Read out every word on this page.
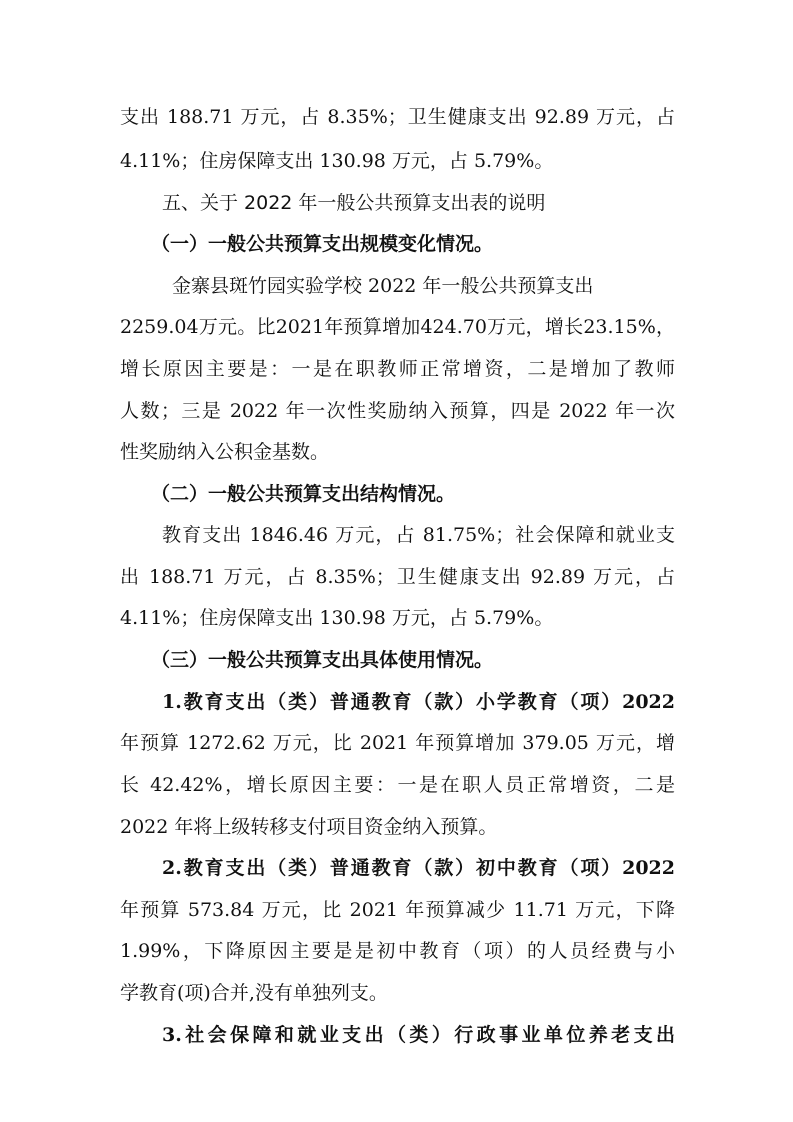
支出 188.71 万元，占 8.35%；卫生健康支出 92.89 万元，占
4.11%；住房保障支出 130.98 万元，占 5.79%。
五、关于 2022 年一般公共预算支出表的说明
（一）一般公共预算支出规模变化情况。
金寨县斑竹园实验学校 2022 年一般公共预算支出
2259.04万元。比2021年预算增加424.70万元，增长23.15%，
增长原因主要是：一是在职教师正常增资，二是增加了教师
人数；三是 2022 年一次性奖励纳入预算，四是 2022 年一次
性奖励纳入公积金基数。
（二）一般公共预算支出结构情况。
教育支出 1846.46 万元，占 81.75%；社会保障和就业支
出 188.71 万元，占 8.35%；卫生健康支出 92.89 万元，占
4.11%；住房保障支出 130.98 万元，占 5.79%。
（三）一般公共预算支出具体使用情况。
1.教育支出（类）普通教育（款）小学教育（项）2022
年预算 1272.62 万元，比 2021 年预算增加 379.05 万元，增
长 42.42%，增长原因主要：一是在职人员正常增资，二是
2022 年将上级转移支付项目资金纳入预算。
2.教育支出（类）普通教育（款）初中教育（项）2022
年预算 573.84 万元，比 2021 年预算减少 11.71 万元，下降
1.99%，下降原因主要是是初中教育（项）的人员经费与小
学教育(项)合并,没有单独列支。
3.社会保障和就业支出（类）行政事业单位养老支出
